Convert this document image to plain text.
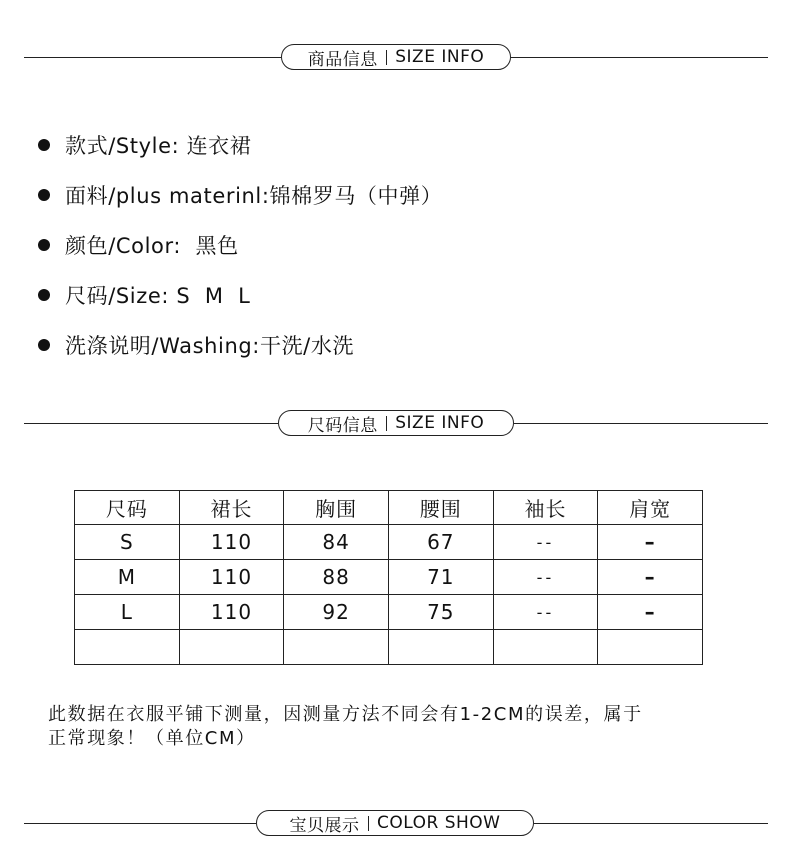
商品信息 SIZE INFO
款式/Style: 连衣裙
面料/plus materinl:锦棉罗马（中弹）
颜色/Color:  黑色
尺码/Size: S  M  L
洗涤说明/Washing:干洗/水洗
尺码信息 SIZE INFO
尺码	裙长	胸围	腰围	袖长	肩宽
S	110	84	67	--	–
M	110	88	71	--	–
L	110	92	75	--	–

此数据在衣服平铺下测量，因测量方法不同会有1-2CM的误差，属于
正常现象！（单位CM）

宝贝展示 COLOR SHOW
